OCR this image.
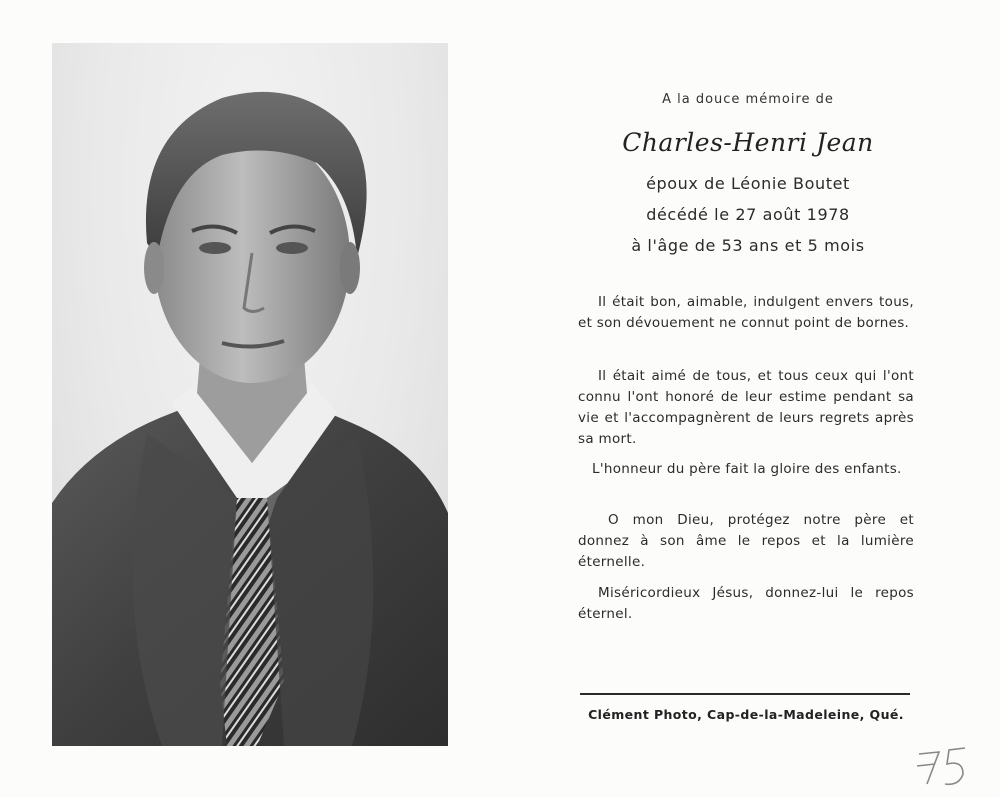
A la douce mémoire de
Charles-Henri Jean
époux de Léonie Boutet
décédé le 27 août 1978
à l'âge de 53 ans et 5 mois
Il était bon, aimable, indulgent envers tous, et son dévouement ne connut point de bornes.
Il était aimé de tous, et tous ceux qui l'ont connu l'ont honoré de leur estime pendant sa vie et l'accompagnèrent de leurs regrets après sa mort.
L'honneur du père fait la gloire des enfants.
O mon Dieu, protégez notre père et donnez à son âme le repos et la lumière éternelle.
Miséricordieux Jésus, donnez-lui le repos éternel.
Clément Photo, Cap-de-la-Madeleine, Qué.
